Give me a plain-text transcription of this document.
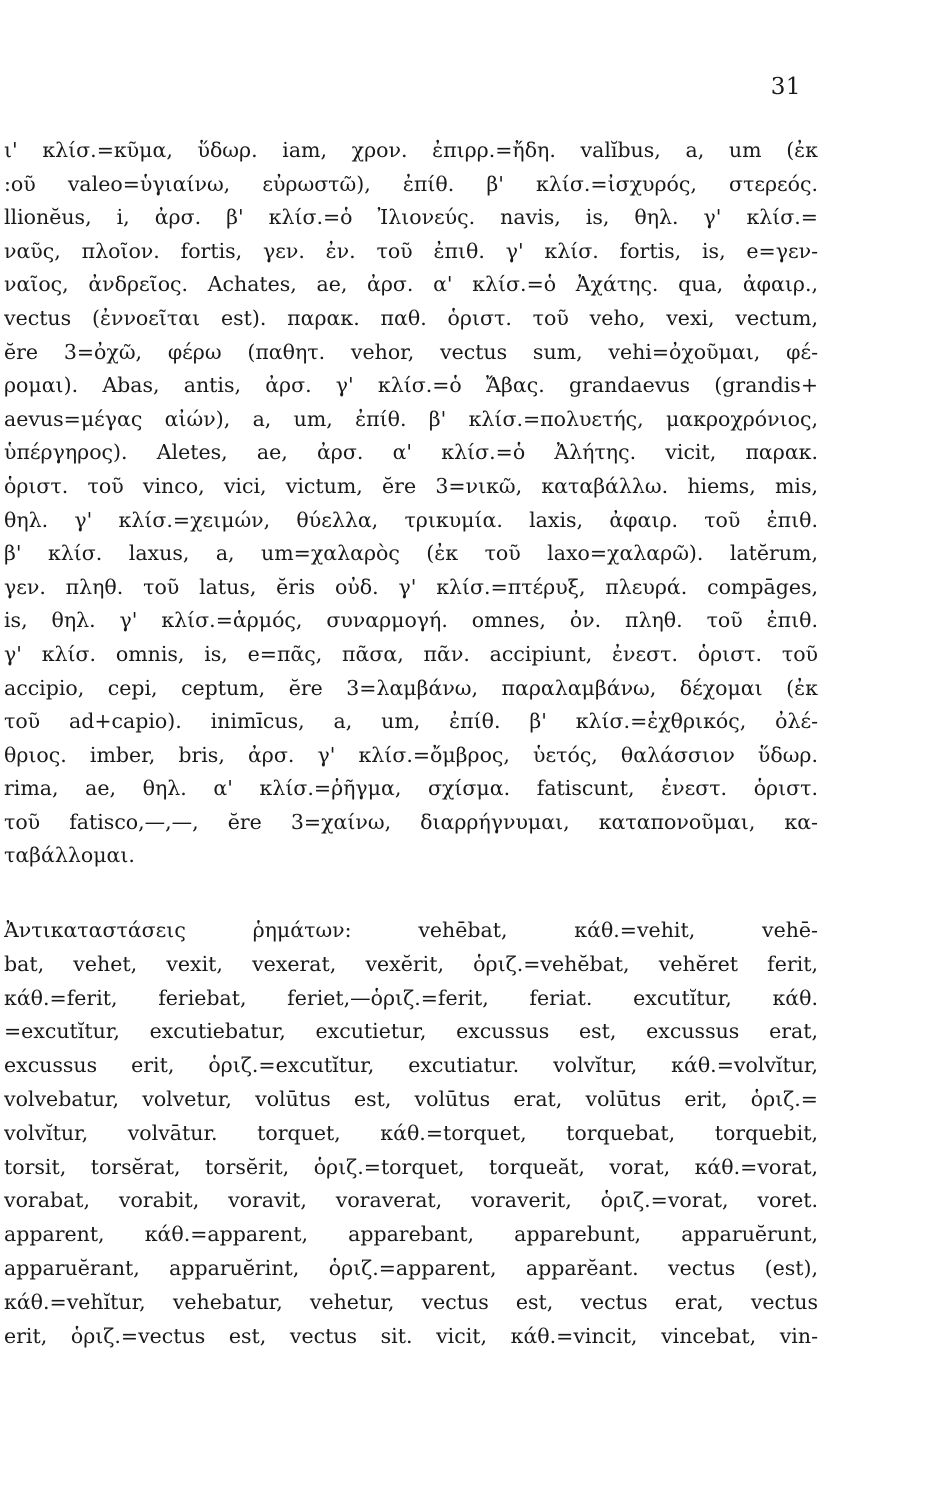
31
ι' κλίσ.=κῦμα, ὕδωρ. iam, χρον. ἐπιρρ.=ἤδη. valĭbus, a, um (ἐκ
:οῦ valeo=ὑγιαίνω, εὐρωστῶ), ἐπίθ. β' κλίσ.=ἰσχυρός, στερεός.
llionĕus, i, ἀρσ. β' κλίσ.=ὁ Ἰλιονεύς. navis, is, θηλ. γ' κλίσ.=
ναῦς, πλοῖον. fortis, γεν. ἐν. τοῦ ἐπιθ. γ' κλίσ. fortis, is, e=γεν-
ναῖος, ἀνδρεῖος. Achates, ae, ἀρσ. α' κλίσ.=ὁ Ἀχάτης. qua, ἀφαιρ.,
vectus (ἐννοεῖται est). παρακ. παθ. ὁριστ. τοῦ veho, vexi, vectum,
ĕre 3=ὀχῶ, φέρω (παθητ. vehor, vectus sum, vehi=ὀχοῦμαι, φέ-
ρομαι). Abas, antis, ἀρσ. γ' κλίσ.=ὁ Ἄβας. grandaevus (grandis+
aevus=μέγας αἰών), a, um, ἐπίθ. β' κλίσ.=πολυετής, μακροχρόνιος,
ὑπέργηρος). Aletes, ae, ἀρσ. α' κλίσ.=ὁ Ἀλήτης. vicit, παρακ.
ὁριστ. τοῦ vinco, vici, victum, ĕre 3=νικῶ, καταβάλλω. hiems, mis,
θηλ. γ' κλίσ.=χειμών, θύελλα, τρικυμία. laxis, ἀφαιρ. τοῦ ἐπιθ.
β' κλίσ. laxus, a, um=χαλαρὸς (ἐκ τοῦ laxo=χαλαρῶ). latĕrum,
γεν. πληθ. τοῦ latus, ĕris οὐδ. γ' κλίσ.=πτέρυξ, πλευρά. compāges,
is, θηλ. γ' κλίσ.=ἁρμός, συναρμογή. omnes, ὀν. πληθ. τοῦ ἐπιθ.
γ' κλίσ. omnis, is, e=πᾶς, πᾶσα, πᾶν. accipiunt, ἐνεστ. ὁριστ. τοῦ
accipio, cepi, ceptum, ĕre 3=λαμβάνω, παραλαμβάνω, δέχομαι (ἐκ
τοῦ ad+capio). inimīcus, a, um, ἐπίθ. β' κλίσ.=ἐχθρικός, ὀλέ-
θριος. imber, bris, ἀρσ. γ' κλίσ.=ὄμβρος, ὑετός, θαλάσσιον ὕδωρ.
rima, ae, θηλ. α' κλίσ.=ῥῆγμα, σχίσμα. fatiscunt, ἐνεστ. ὁριστ.
τοῦ fatisco,—,—, ĕre 3=χαίνω, διαρρήγνυμαι, καταπονοῦμαι, κα-
ταβάλλομαι.
Ἀντικαταστάσεις ῥημάτων: vehēbat, κάθ.=vehit, vehē-
bat, vehet, vexit, vexerat, vexĕrit, ὁριζ.=vehĕbat, vehĕret ferit,
κάθ.=ferit, feriebat, feriet,—ὁριζ.=ferit, feriat. excutĭtur, κάθ.
=excutĭtur, excutiebatur, excutietur, excussus est, excussus erat,
excussus erit, ὁριζ.=excutĭtur, excutiatur. volvĭtur, κάθ.=volvĭtur,
volvebatur, volvetur, volūtus est, volūtus erat, volūtus erit, ὁριζ.=
volvĭtur, volvātur. torquet, κάθ.=torquet, torquebat, torquebit,
torsit, torsĕrat, torsĕrit, ὁριζ.=torquet, torqueăt, vorat, κάθ.=vorat,
vorabat, vorabit, voravit, voraverat, voraverit, ὁριζ.=vorat, voret.
apparent, κάθ.=apparent, apparebant, apparebunt, apparuĕrunt,
apparuĕrant, apparuĕrint, ὁριζ.=apparent, apparĕant. vectus (est),
κάθ.=vehĭtur, vehebatur, vehetur, vectus est, vectus erat, vectus
erit, ὁριζ.=vectus est, vectus sit. vicit, κάθ.=vincit, vincebat, vin-
